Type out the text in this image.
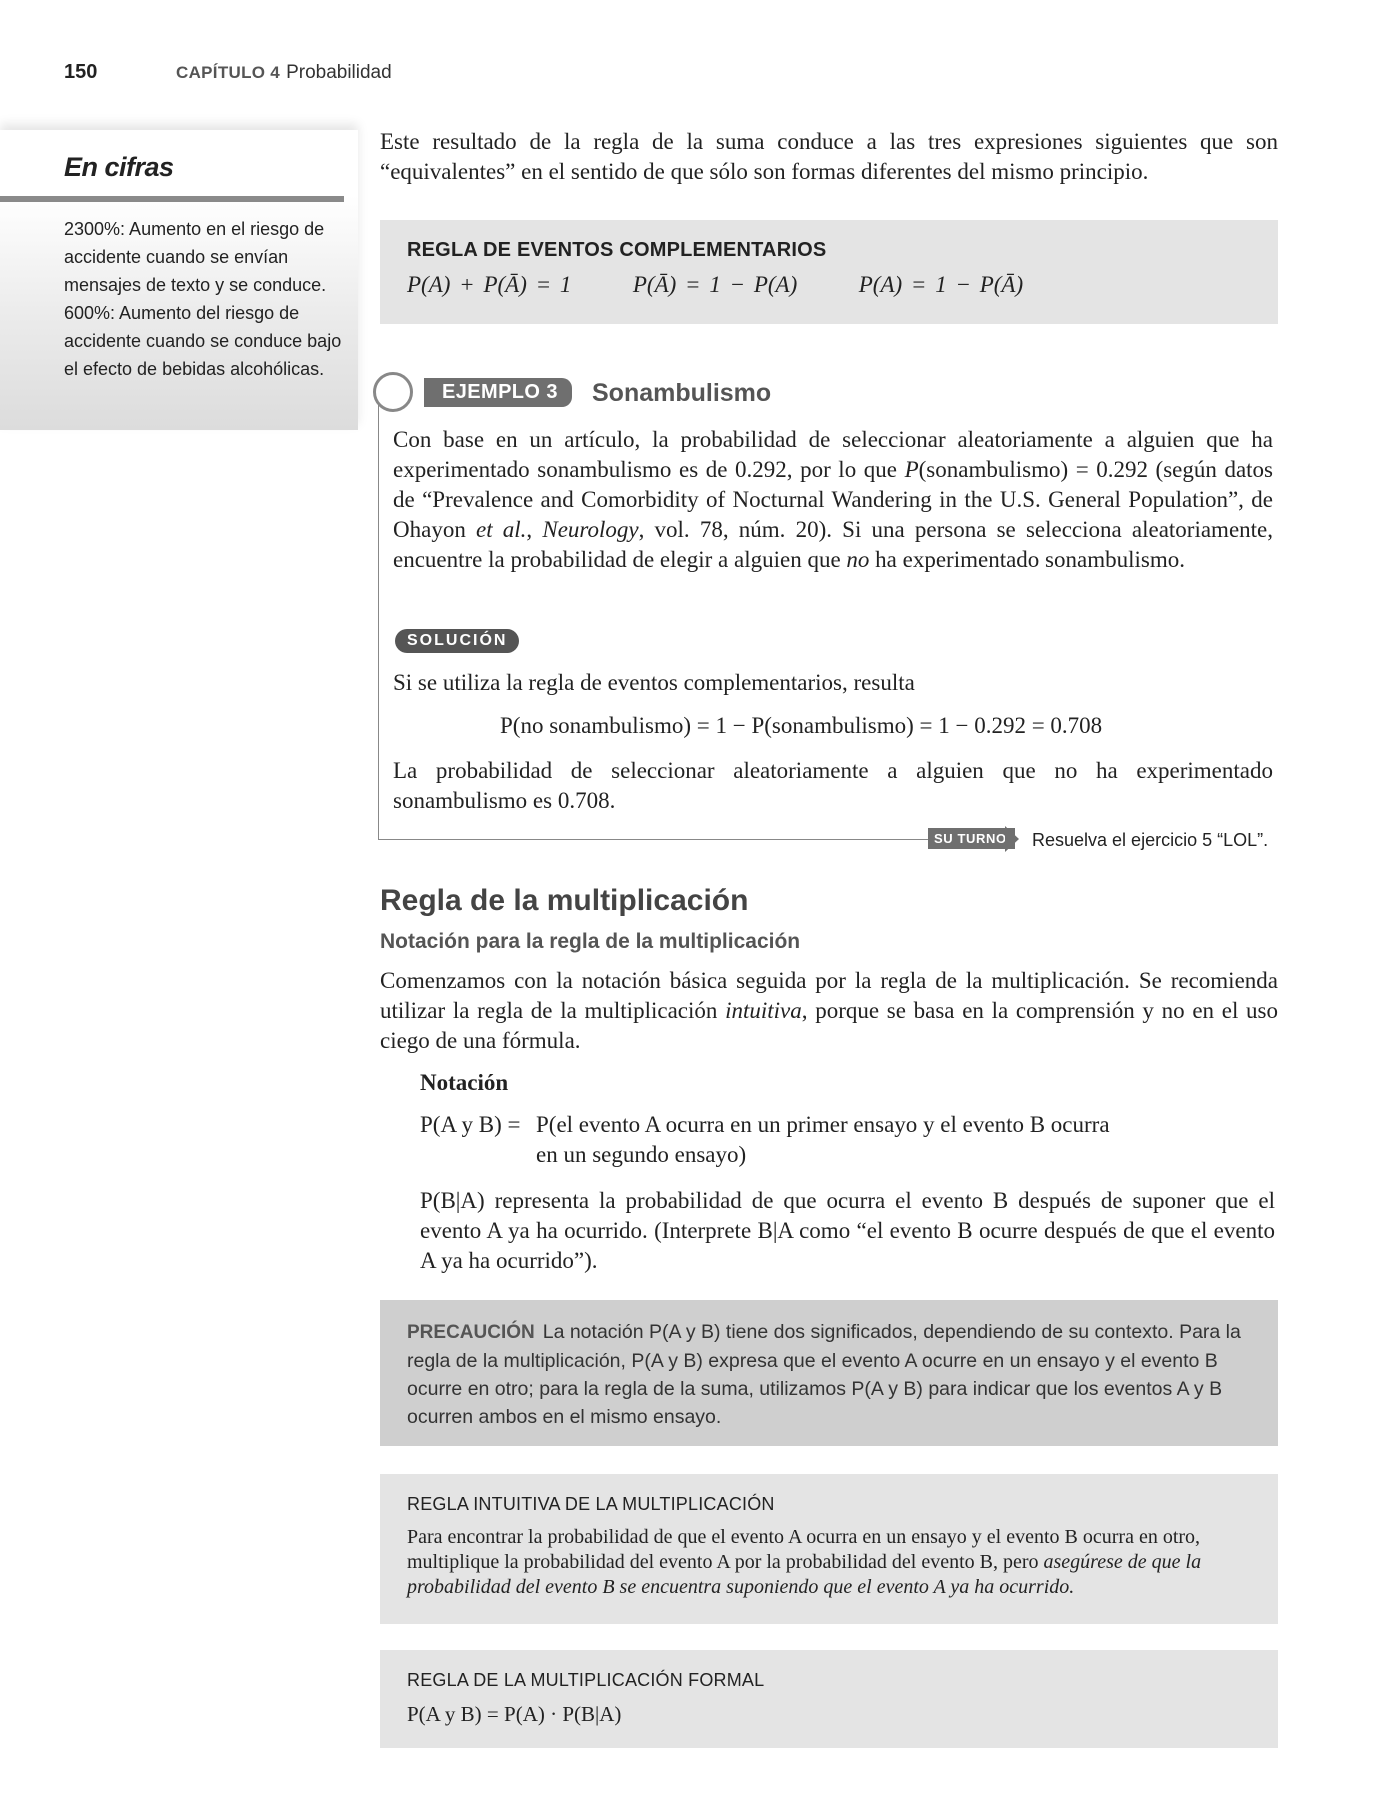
150	CAPÍTULO 4 Probabilidad
En cifras
2300%: Aumento en el riesgo de accidente cuando se envían mensajes de texto y se conduce. 600%: Aumento del riesgo de accidente cuando se conduce bajo el efecto de bebidas alcohólicas.
Este resultado de la regla de la suma conduce a las tres expresiones siguientes que son “equivalentes” en el sentido de que sólo son formas diferentes del mismo principio.
REGLA DE EVENTOS COMPLEMENTARIOS
P(A) + P(Ā) = 1	P(Ā) = 1 − P(A)	P(A) = 1 − P(Ā)
EJEMPLO 3	Sonambulismo
Con base en un artículo, la probabilidad de seleccionar aleatoriamente a alguien que ha experimentado sonambulismo es de 0.292, por lo que P(sonambulismo) = 0.292 (según datos de “Prevalence and Comorbidity of Nocturnal Wandering in the U.S. General Population”, de Ohayon et al., Neurology, vol. 78, núm. 20). Si una persona se selecciona aleatoriamente, encuentre la probabilidad de elegir a alguien que no ha experimentado sonambulismo.
SOLUCIÓN
Si se utiliza la regla de eventos complementarios, resulta
P(no sonambulismo) = 1 − P(sonambulismo) = 1 − 0.292 = 0.708
La probabilidad de seleccionar aleatoriamente a alguien que no ha experimentado sonambulismo es 0.708.
SU TURNO	Resuelva el ejercicio 5 “LOL”.
Regla de la multiplicación
Notación para la regla de la multiplicación
Comenzamos con la notación básica seguida por la regla de la multiplicación. Se recomienda utilizar la regla de la multiplicación intuitiva, porque se basa en la comprensión y no en el uso ciego de una fórmula.
Notación
P(A y B) = P(el evento A ocurra en un primer ensayo y el evento B ocurra
en un segundo ensayo)
P(B|A) representa la probabilidad de que ocurra el evento B después de suponer que el evento A ya ha ocurrido. (Interprete B|A como “el evento B ocurre después de que el evento A ya ha ocurrido”).
PRECAUCIÓN La notación P(A y B) tiene dos significados, dependiendo de su contexto. Para la regla de la multiplicación, P(A y B) expresa que el evento A ocurre en un ensayo y el evento B ocurre en otro; para la regla de la suma, utilizamos P(A y B) para indicar que los eventos A y B ocurren ambos en el mismo ensayo.
REGLA INTUITIVA DE LA MULTIPLICACIÓN
Para encontrar la probabilidad de que el evento A ocurra en un ensayo y el evento B ocurra en otro, multiplique la probabilidad del evento A por la probabilidad del evento B, pero asegúrese de que la probabilidad del evento B se encuentra suponiendo que el evento A ya ha ocurrido.
REGLA DE LA MULTIPLICACIÓN FORMAL
P(A y B) = P(A) · P(B|A)
